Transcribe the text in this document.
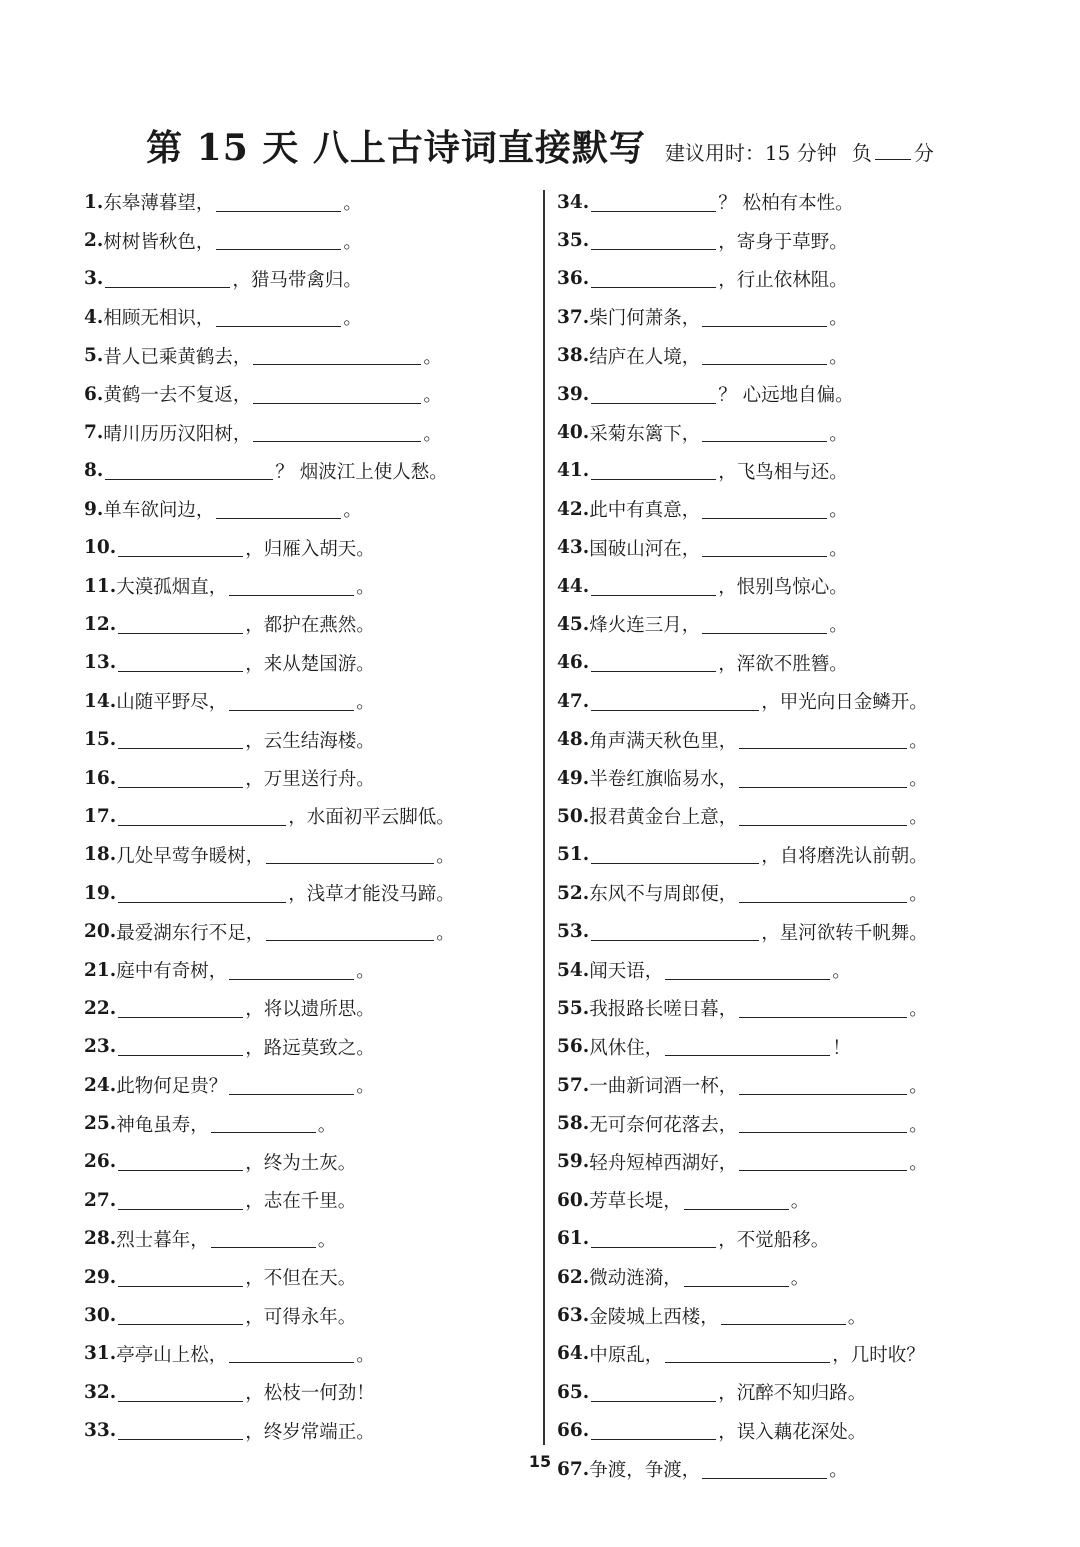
第 15 天 八上古诗词直接默写 建议用时：15 分钟 负 分
1. 东皋薄暮望，	。
2. 树树皆秋色，	。
3.	，猎马带禽归。
4. 相顾无相识，	。
5. 昔人已乘黄鹤去，	。
6. 黄鹤一去不复返，	。
7. 晴川历历汉阳树，	。
8.	？ 烟波江上使人愁。
9. 单车欲问边，	。
10.	，归雁入胡天。
11. 大漠孤烟直，	。
12.	，都护在燕然。
13.	，来从楚国游。
14. 山随平野尽，	。
15.	，云生结海楼。
16.	，万里送行舟。
17.	，水面初平云脚低。
18. 几处早莺争暖树，	。
19.	，浅草才能没马蹄。
20. 最爱湖东行不足，	。
21. 庭中有奇树，	。
22.	，将以遗所思。
23.	，路远莫致之。
24. 此物何足贵？	。
25. 神龟虽寿，	。
26.	，终为土灰。
27.	，志在千里。
28. 烈士暮年，	。
29.	，不但在天。
30.	，可得永年。
31. 亭亭山上松，	。
32.	，松枝一何劲！
33.	，终岁常端正。
34.	？ 松柏有本性。
35.	，寄身于草野。
36.	，行止依林阻。
37. 柴门何萧条，	。
38. 结庐在人境，	。
39.	？ 心远地自偏。
40. 采菊东篱下，	。
41.	，飞鸟相与还。
42. 此中有真意，	。
43. 国破山河在，	。
44.	，恨别鸟惊心。
45. 烽火连三月，	。
46.	，浑欲不胜簪。
47.	，甲光向日金鳞开。
48. 角声满天秋色里，	。
49. 半卷红旗临易水，	。
50. 报君黄金台上意，	。
51.	，自将磨洗认前朝。
52. 东风不与周郎便，	。
53.	，星河欲转千帆舞。
54. 闻天语，	。
55. 我报路长嗟日暮，	。
56. 风休住，	！
57. 一曲新词酒一杯，	。
58. 无可奈何花落去，	。
59. 轻舟短棹西湖好，	。
60. 芳草长堤，	。
61.	，不觉船移。
62. 微动涟漪，	。
63. 金陵城上西楼，	。
64. 中原乱，	，几时收？
65.	，沉醉不知归路。
66.	，误入藕花深处。
67. 争渡，争渡，	。
15
